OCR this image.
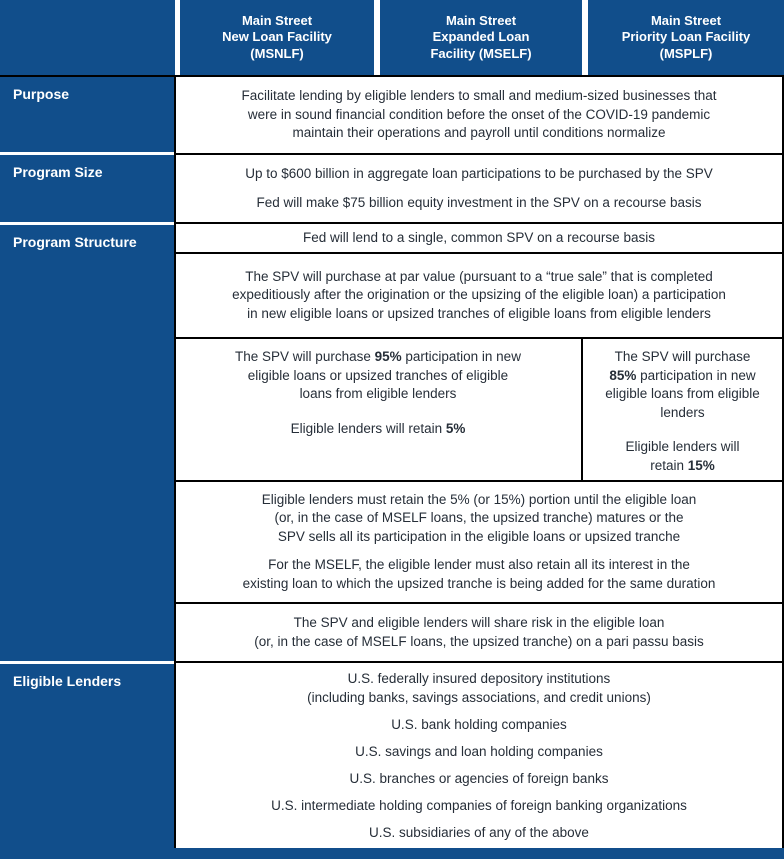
Main Street
New Loan Facility
(MSNLF)
Main Street
Expanded Loan
Facility (MSELF)
Main Street
Priority Loan Facility
(MSPLF)
Purpose
Program Size
Program Structure
Eligible Lenders
Facilitate lending by eligible lenders to small and medium-sized businesses that
were in sound financial condition before the onset of the COVID-19 pandemic
maintain their operations and payroll until conditions normalize

Up to $600 billion in aggregate loan participations to be purchased by the SPV

Fed will make $75 billion equity investment in the SPV on a recourse basis

Fed will lend to a single, common SPV on a recourse basis
The SPV will purchase at par value (pursuant to a “true sale” that is completed
expeditiously after the origination or the upsizing of the eligible loan) a participation
in new eligible loans or upsized tranches of eligible loans from eligible lenders
The SPV will purchase 95% participation in new
eligible loans or upsized tranches of eligible
loans from eligible lenders
Eligible lenders will retain 5%
The SPV will purchase
85% participation in new
eligible loans from eligible
lenders
Eligible lenders will
retain 15%
Eligible lenders must retain the 5% (or 15%) portion until the eligible loan
(or, in the case of MSELF loans, the upsized tranche) matures or the
SPV sells all its participation in the eligible loans or upsized tranche
For the MSELF, the eligible lender must also retain all its interest in the
existing loan to which the upsized tranche is being added for the same duration
The SPV and eligible lenders will share risk in the eligible loan
(or, in the case of MSELF loans, the upsized tranche) on a pari passu basis
U.S. federally insured depository institutions
(including banks, savings associations, and credit unions)
U.S. bank holding companies
U.S. savings and loan holding companies
U.S. branches or agencies of foreign banks
U.S. intermediate holding companies of foreign banking organizations
U.S. subsidiaries of any of the above
